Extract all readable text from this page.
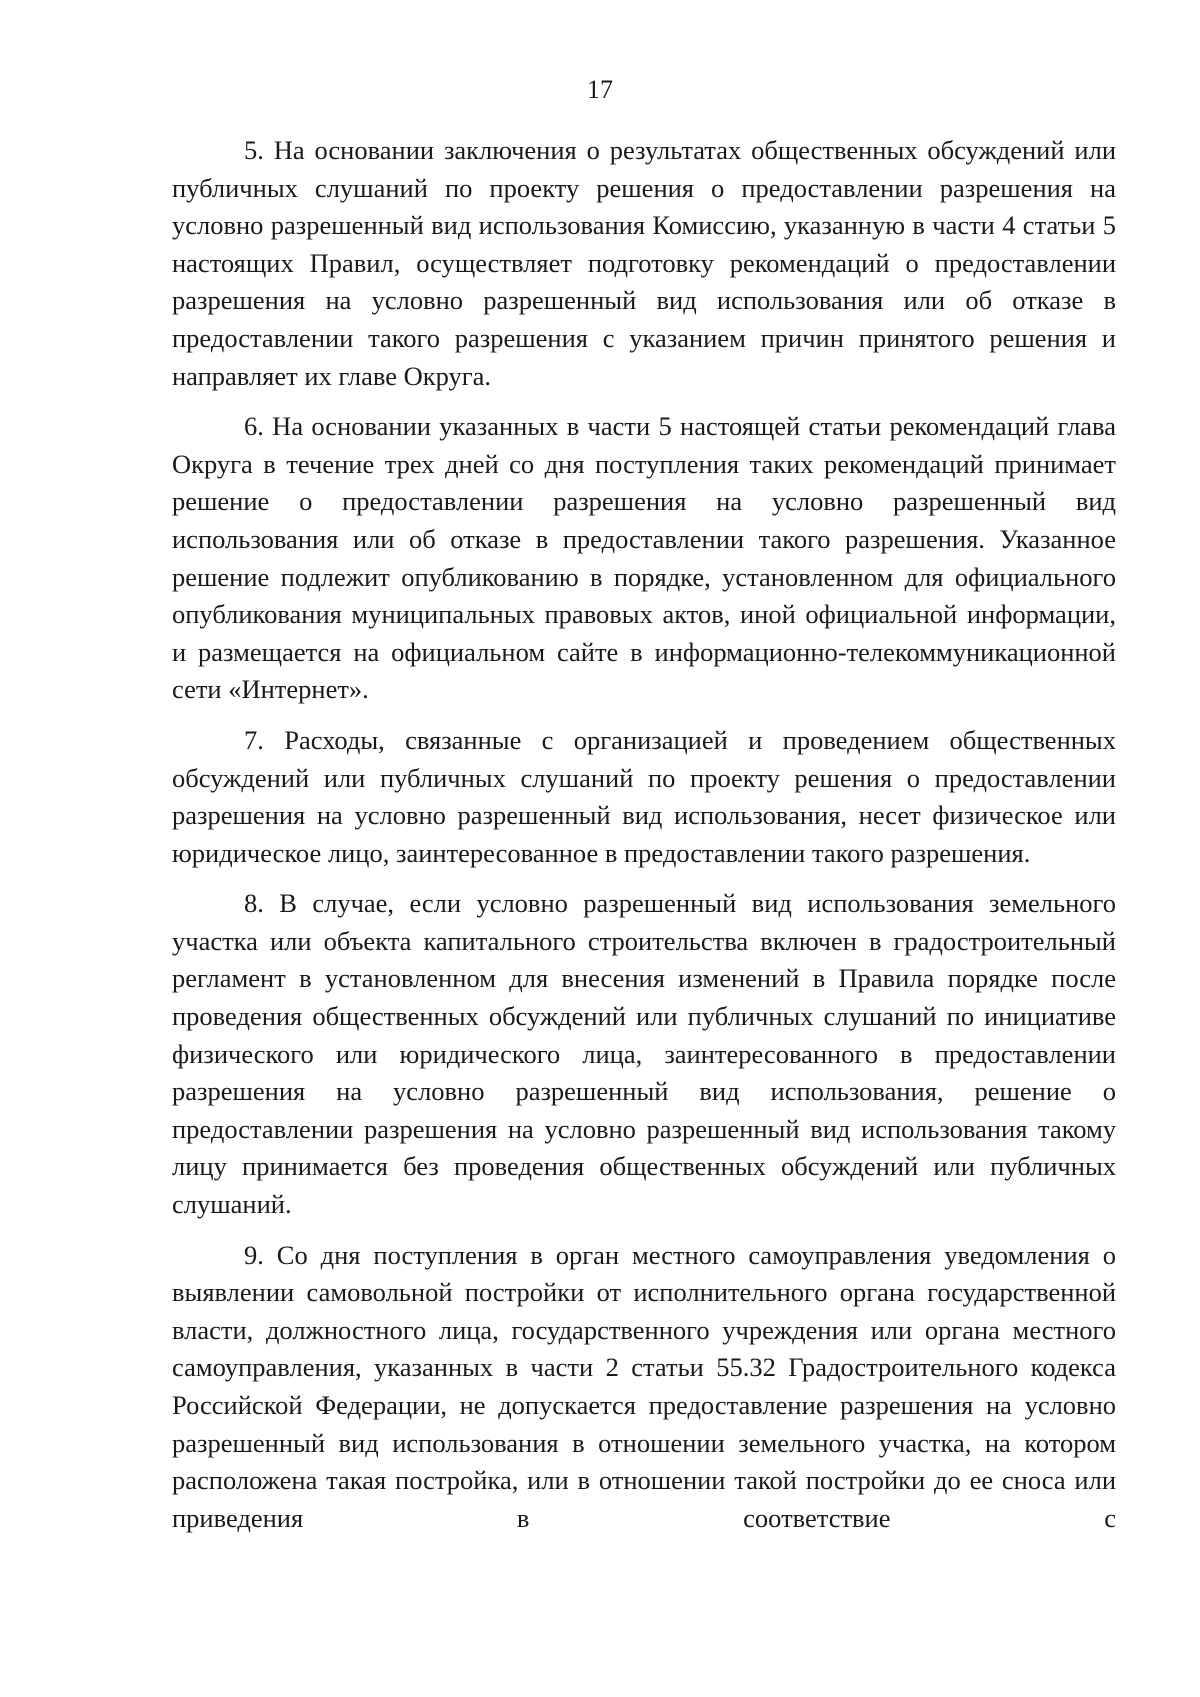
17

5. На основании заключения о результатах общественных обсуждений или публичных слушаний по проекту решения о предоставлении разрешения на условно разрешенный вид использования Комиссию, указанную в части 4 статьи 5 настоящих Правил, осуществляет подготовку рекомендаций о предоставлении разрешения на условно разрешенный вид использования или об отказе в предоставлении такого разрешения с указанием причин принятого решения и направляет их главе Округа.

6. На основании указанных в части 5 настоящей статьи рекомендаций глава Округа в течение трех дней со дня поступления таких рекомендаций принимает решение о предоставлении разрешения на условно разрешенный вид использования или об отказе в предоставлении такого разрешения. Указанное решение подлежит опубликованию в порядке, установленном для официального опубликования муниципальных правовых актов, иной официальной информации, и размещается на официальном сайте в информационно-телекоммуникационной сети «Интернет».

7. Расходы, связанные с организацией и проведением общественных обсуждений или публичных слушаний по проекту решения о предоставлении разрешения на условно разрешенный вид использования, несет физическое или юридическое лицо, заинтересованное в предоставлении такого разрешения.

8. В случае, если условно разрешенный вид использования земельного участка или объекта капитального строительства включен в градостроительный регламент в установленном для внесения изменений в Правила порядке после проведения общественных обсуждений или публичных слушаний по инициативе физического или юридического лица, заинтересованного в предоставлении разрешения на условно разрешенный вид использования, решение о предоставлении разрешения на условно разрешенный вид использования такому лицу принимается без проведения общественных обсуждений или публичных слушаний.

9. Со дня поступления в орган местного самоуправления уведомления о выявлении самовольной постройки от исполнительного органа государственной власти, должностного лица, государственного учреждения или органа местного самоуправления, указанных в части 2 статьи 55.32 Градостроительного кодекса Российской Федерации, не допускается предоставление разрешения на условно разрешенный вид использования в отношении земельного участка, на котором расположена такая постройка, или в отношении такой постройки до ее сноса или приведения в соответствие с
